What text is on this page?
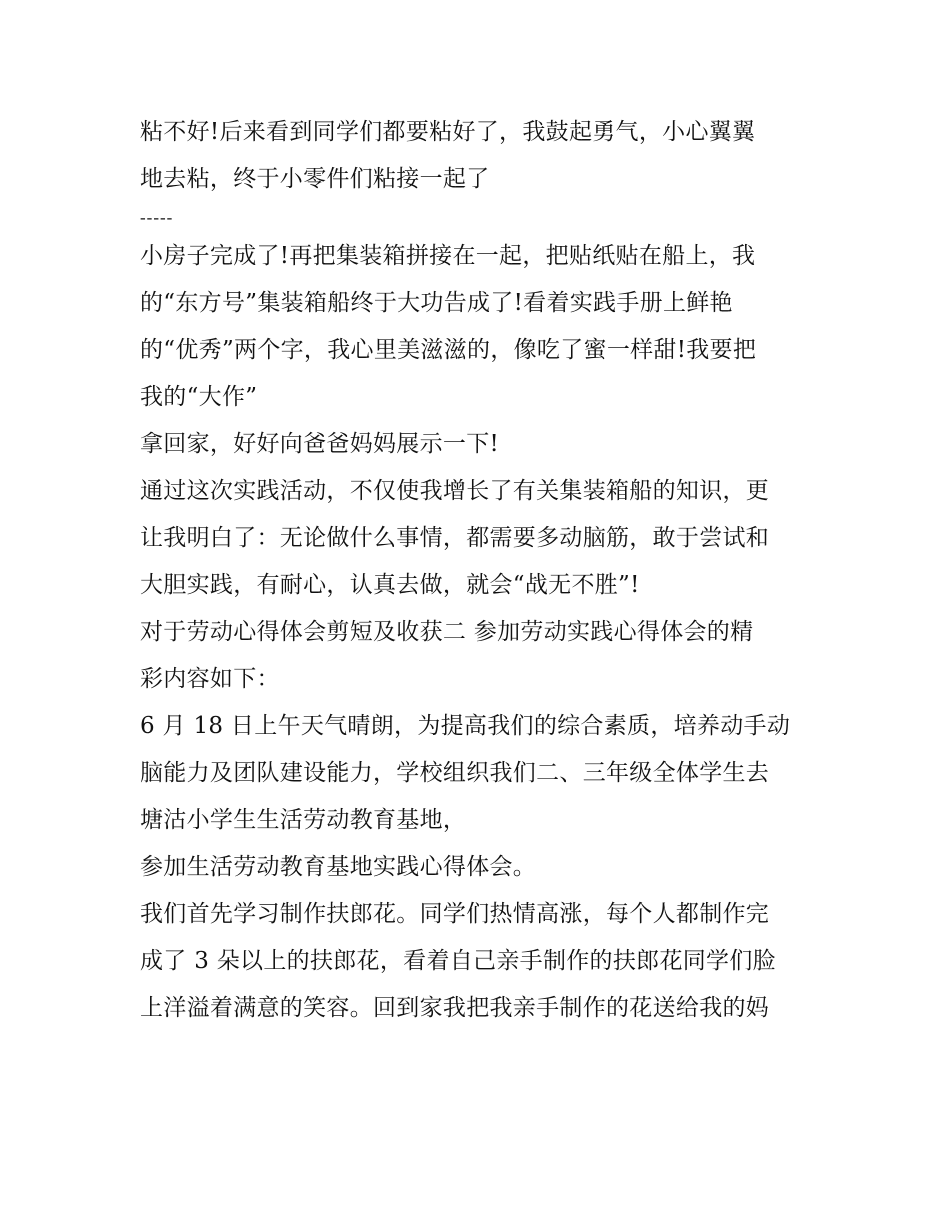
粘不好!后来看到同学们都要粘好了，我鼓起勇气，小心翼翼
地去粘，终于小零件们粘接一起了
-----
小房子完成了!再把集装箱拼接在一起，把贴纸贴在船上，我
的“东方号”集装箱船终于大功告成了!看着实践手册上鲜艳
的“优秀”两个字，我心里美滋滋的，像吃了蜜一样甜!我要把
我的“大作”
拿回家，好好向爸爸妈妈展示一下!
通过这次实践活动，不仅使我增长了有关集装箱船的知识，更
让我明白了：无论做什么事情，都需要多动脑筋，敢于尝试和
大胆实践，有耐心，认真去做，就会“战无不胜”!
对于劳动心得体会剪短及收获二 参加劳动实践心得体会的精
彩内容如下：
6 月 18 日上午天气晴朗，为提高我们的综合素质，培养动手动
脑能力及团队建设能力，学校组织我们二、三年级全体学生去
塘沽小学生生活劳动教育基地，
参加生活劳动教育基地实践心得体会。
我们首先学习制作扶郎花。同学们热情高涨，每个人都制作完
成了 3 朵以上的扶郎花，看着自己亲手制作的扶郎花同学们脸
上洋溢着满意的笑容。回到家我把我亲手制作的花送给我的妈
